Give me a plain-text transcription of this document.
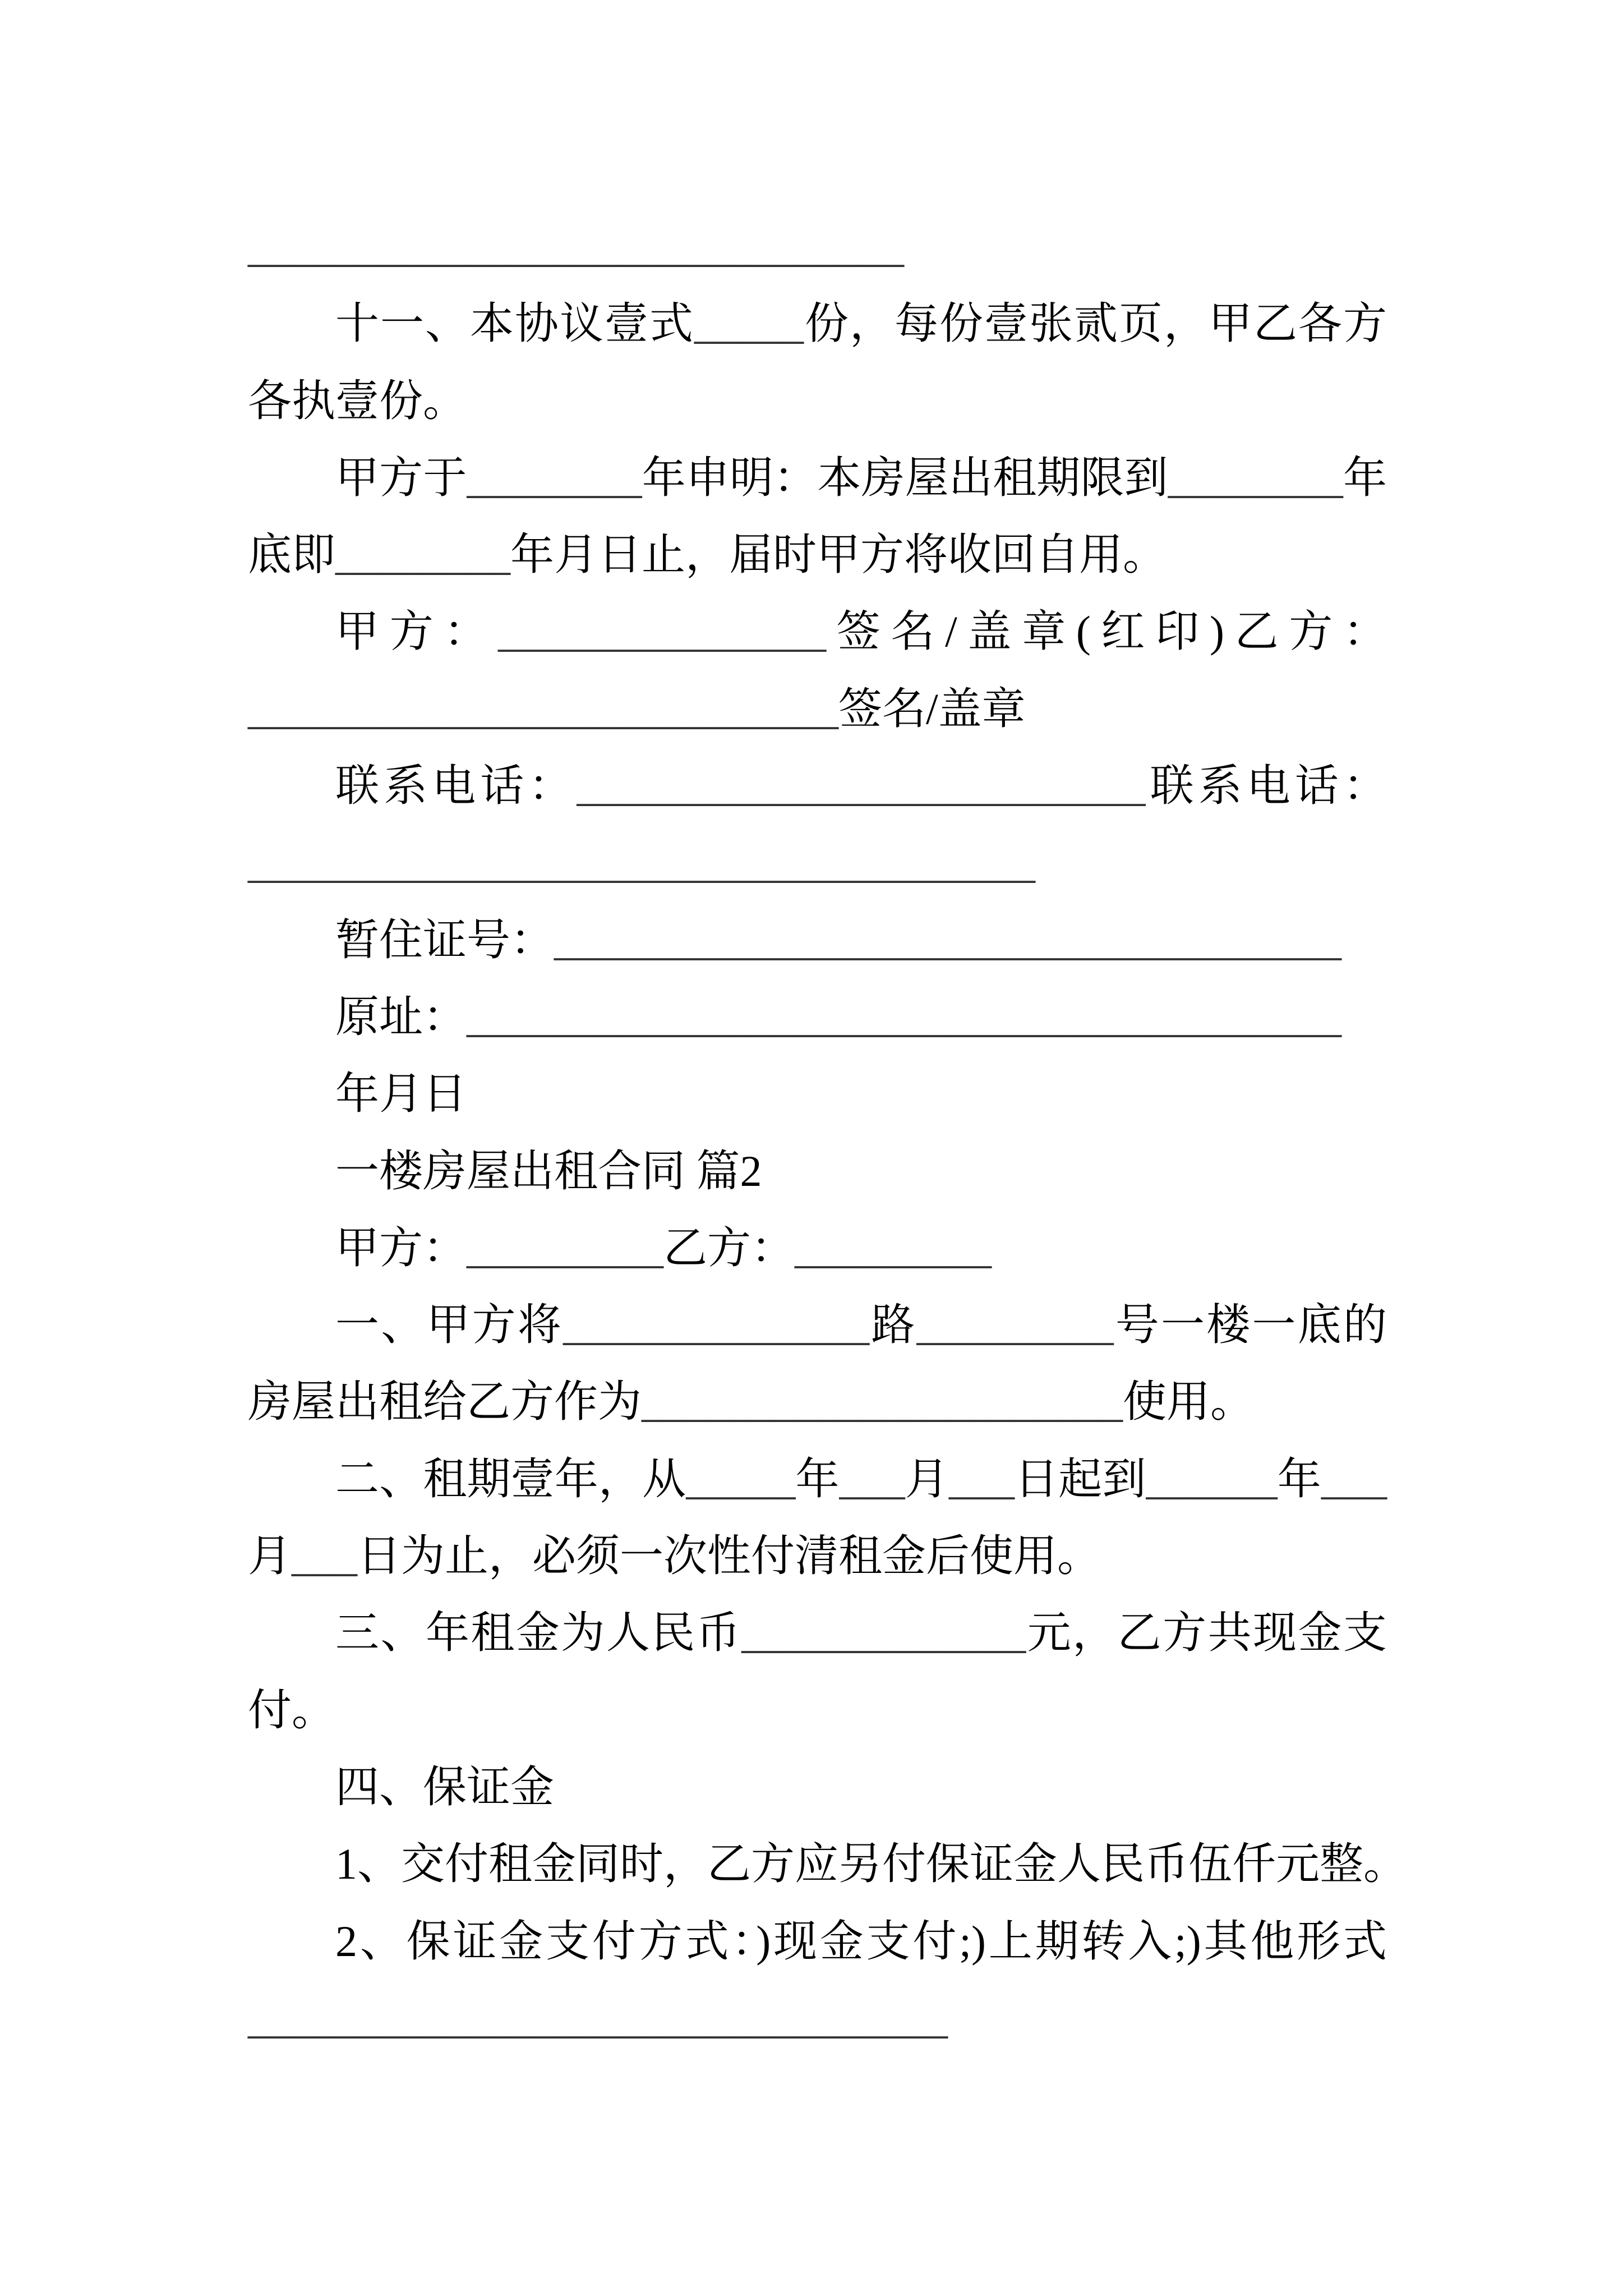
______________________________
十一、本协议壹式_____份，每份壹张贰页，甲乙各方
各执壹份。
甲方于________年申明：本房屋出租期限到________年
底即________年月日止，届时甲方将收回自用。
甲方：_______________签名/盖章(红印)乙方：
___________________________签名/盖章
联系电话：__________________________联系电话：
____________________________________
暂住证号：____________________________________
原址：________________________________________
年月日
一楼房屋出租合同 篇2
甲方：_________乙方：_________
一、甲方将______________路_________号一楼一底的
房屋出租给乙方作为______________________使用。
二、租期壹年，从_____年___月___日起到______年___
月___日为止，必须一次性付清租金后使用。
三、年租金为人民币_____________元，乙方共现金支
付。
四、保证金
1、交付租金同时，乙方应另付保证金人民币伍仟元整。
2、保证金支付方式：)现金支付;)上期转入;)其他形式
________________________________
